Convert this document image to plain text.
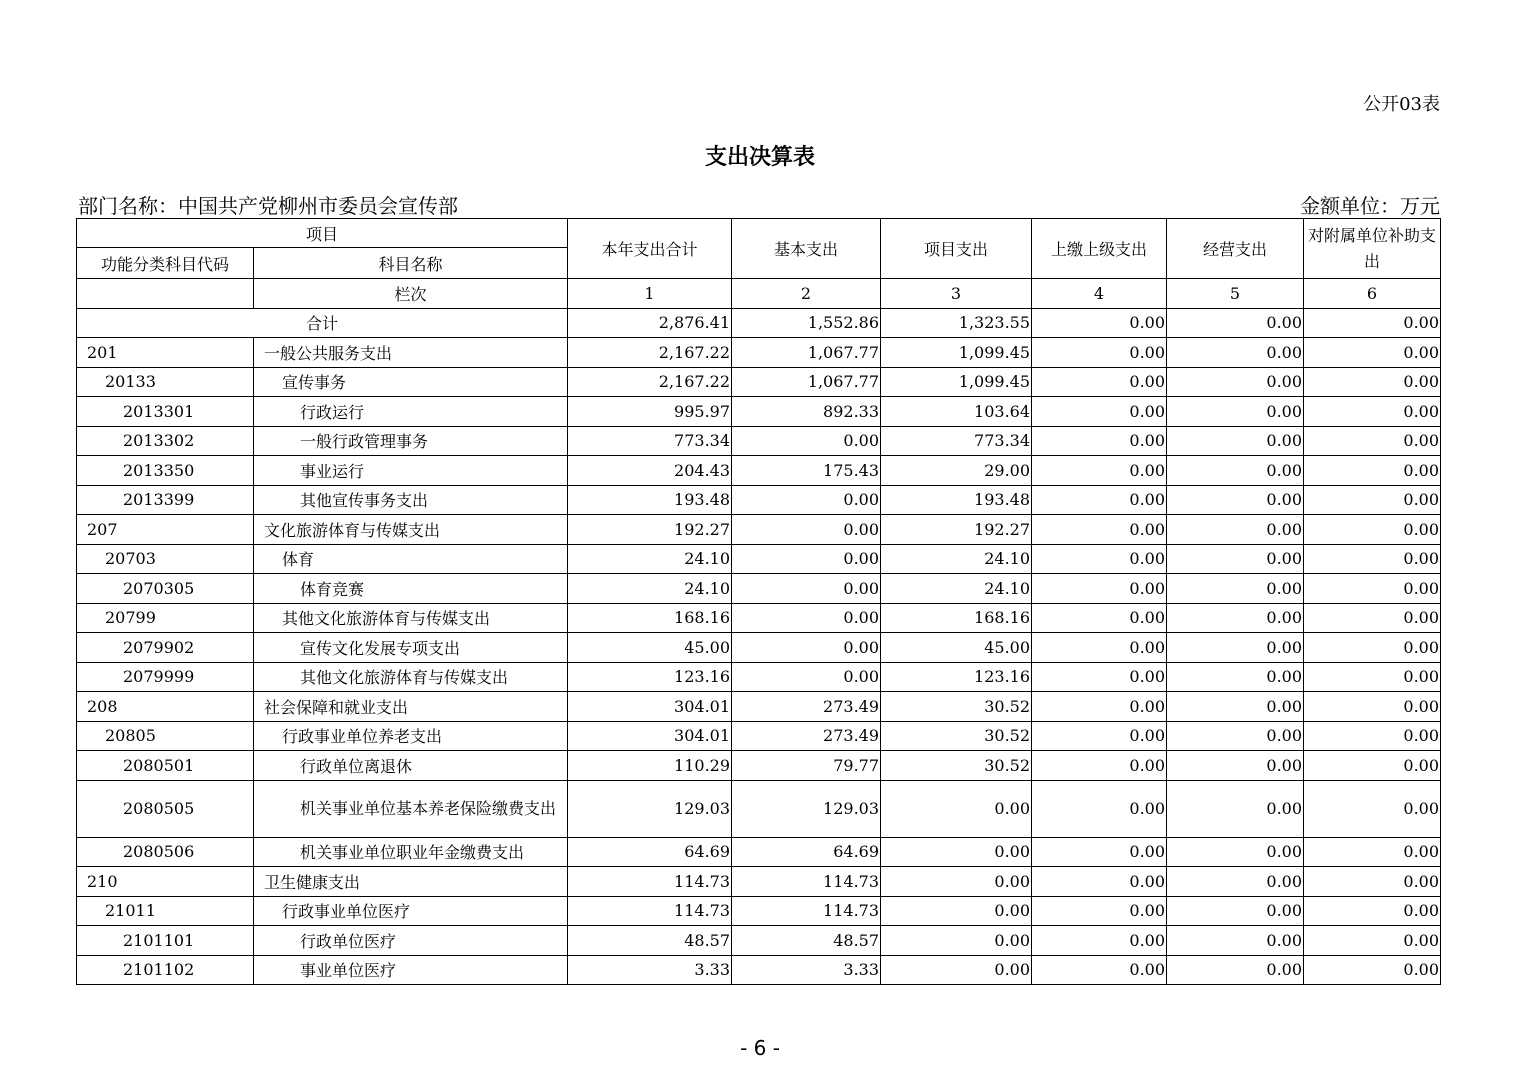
公开03表
支出决算表
部门名称：中国共产党柳州市委员会宣传部	金额单位：万元
项目		本年支出合计	基本支出	项目支出	上缴上级支出	经营支出	对附属单位补助支出
功能分类科目代码	科目名称						
	栏次	1	2	3	4	5	6
合计		2,876.41	1,552.86	1,323.55	0.00	0.00	0.00
201	一般公共服务支出	2,167.22	1,067.77	1,099.45	0.00	0.00	0.00
20133	宣传事务	2,167.22	1,067.77	1,099.45	0.00	0.00	0.00
2013301	行政运行	995.97	892.33	103.64	0.00	0.00	0.00
2013302	一般行政管理事务	773.34	0.00	773.34	0.00	0.00	0.00
2013350	事业运行	204.43	175.43	29.00	0.00	0.00	0.00
2013399	其他宣传事务支出	193.48	0.00	193.48	0.00	0.00	0.00
207	文化旅游体育与传媒支出	192.27	0.00	192.27	0.00	0.00	0.00
20703	体育	24.10	0.00	24.10	0.00	0.00	0.00
2070305	体育竞赛	24.10	0.00	24.10	0.00	0.00	0.00
20799	其他文化旅游体育与传媒支出	168.16	0.00	168.16	0.00	0.00	0.00
2079902	宣传文化发展专项支出	45.00	0.00	45.00	0.00	0.00	0.00
2079999	其他文化旅游体育与传媒支出	123.16	0.00	123.16	0.00	0.00	0.00
208	社会保障和就业支出	304.01	273.49	30.52	0.00	0.00	0.00
20805	行政事业单位养老支出	304.01	273.49	30.52	0.00	0.00	0.00
2080501	行政单位离退休	110.29	79.77	30.52	0.00	0.00	0.00
2080505	机关事业单位基本养老保险缴费支出	129.03	129.03	0.00	0.00	0.00	0.00
2080506	机关事业单位职业年金缴费支出	64.69	64.69	0.00	0.00	0.00	0.00
210	卫生健康支出	114.73	114.73	0.00	0.00	0.00	0.00
21011	行政事业单位医疗	114.73	114.73	0.00	0.00	0.00	0.00
2101101	行政单位医疗	48.57	48.57	0.00	0.00	0.00	0.00
2101102	事业单位医疗	3.33	3.33	0.00	0.00	0.00	0.00
- 6 -
